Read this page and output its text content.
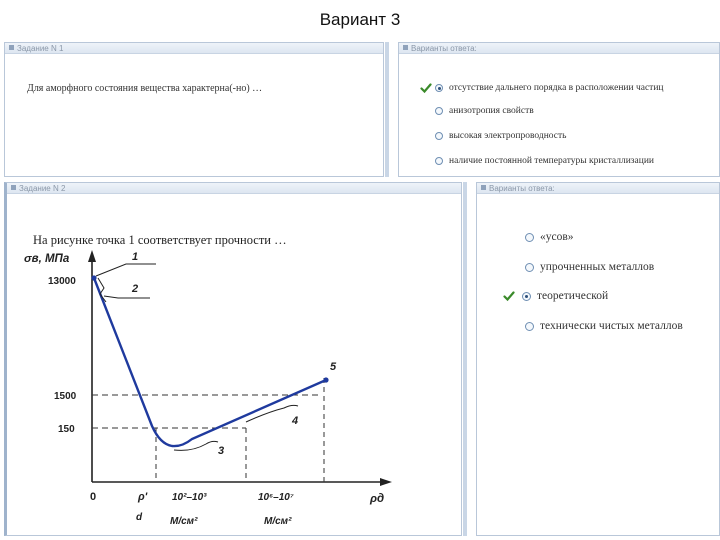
Вариант 3
Задание N 1
Для аморфного состояния вещества характерна(-но) …
Варианты ответа:
отсутствие дальнего порядка в расположении частиц
анизотропия свойств
высокая электропроводность
наличие постоянной температуры кристаллизации
Задание N 2
На рисунке точка 1 соответствует прочности …
Варианты ответа:
«усов»
упрочненных металлов
теоретической
технически чистых металлов
σв, МПа
13000
1500
150
0	ρ' 10²–10³	10⁶–10⁷
d	М/см²	М/см²
ρд
1
2
3
4
5
